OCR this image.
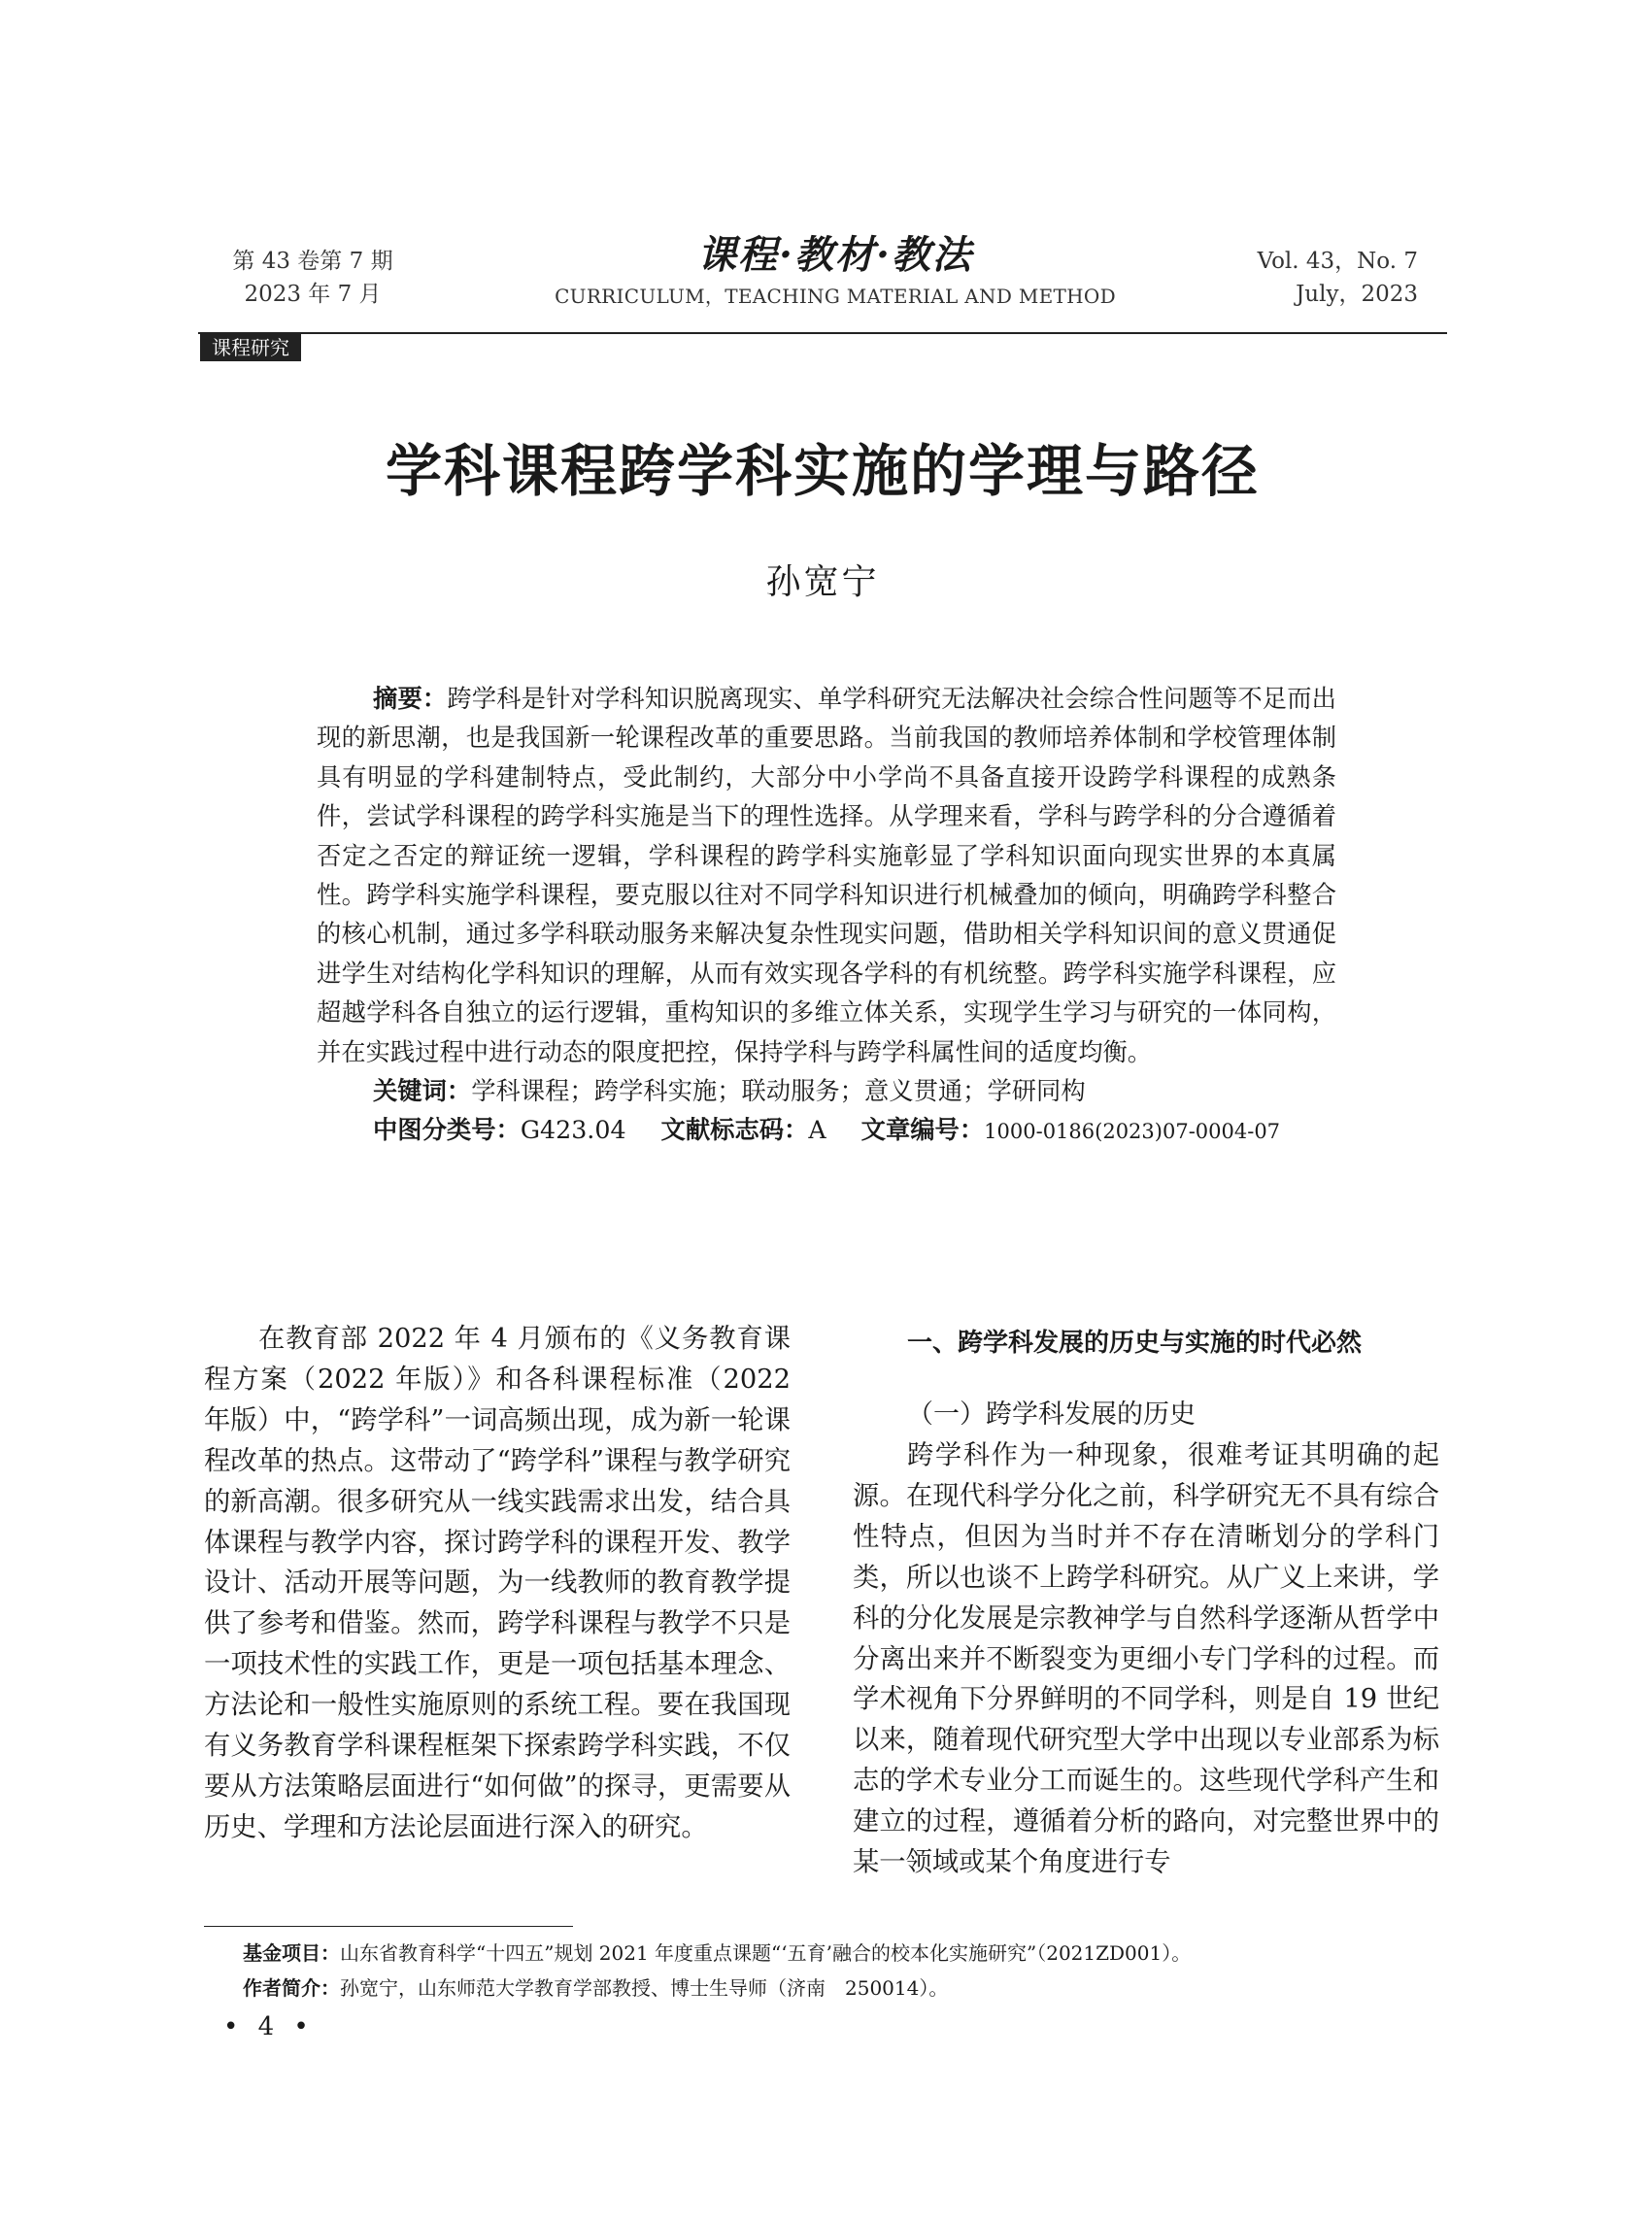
第 43 卷第 7 期
2023 年 7 月
课程·教材·教法
CURRICULUM，TEACHING MATERIAL AND METHOD
Vol. 43，No. 7
July，2023
课程研究
学科课程跨学科实施的学理与路径
孙宽宁

摘要：跨学科是针对学科知识脱离现实、单学科研究无法解决社会综合性问题等不足而出现的新思潮，也是我国新一轮课程改革的重要思路。当前我国的教师培养体制和学校管理体制具有明显的学科建制特点，受此制约，大部分中小学尚不具备直接开设跨学科课程的成熟条件，尝试学科课程的跨学科实施是当下的理性选择。从学理来看，学科与跨学科的分合遵循着否定之否定的辩证统一逻辑，学科课程的跨学科实施彰显了学科知识面向现实世界的本真属性。跨学科实施学科课程，要克服以往对不同学科知识进行机械叠加的倾向，明确跨学科整合的核心机制，通过多学科联动服务来解决复杂性现实问题，借助相关学科知识间的意义贯通促进学生对结构化学科知识的理解，从而有效实现各学科的有机统整。跨学科实施学科课程，应超越学科各自独立的运行逻辑，重构知识的多维立体关系，实现学生学习与研究的一体同构，并在实践过程中进行动态的限度把控，保持学科与跨学科属性间的适度均衡。

关键词：学科课程；跨学科实施；联动服务；意义贯通；学研同构

中图分类号：G423.04 文献标志码：A 文章编号：1000-0186(2023)07-0004-07

在教育部 2022 年 4 月颁布的《义务教育课程方案（2022 年版）》和各科课程标准（2022 年版）中，“跨学科”一词高频出现，成为新一轮课程改革的热点。这带动了“跨学科”课程与教学研究的新高潮。很多研究从一线实践需求出发，结合具体课程与教学内容，探讨跨学科的课程开发、教学设计、活动开展等问题，为一线教师的教育教学提供了参考和借鉴。然而，跨学科课程与教学不只是一项技术性的实践工作，更是一项包括基本理念、方法论和一般性实施原则的系统工程。要在我国现有义务教育学科课程框架下探索跨学科实践，不仅要从方法策略层面进行“如何做”的探寻，更需要从历史、学理和方法论层面进行深入的研究。

一、跨学科发展的历史与实施的时代必然
（一）跨学科发展的历史

跨学科作为一种现象，很难考证其明确的起源。在现代科学分化之前，科学研究无不具有综合性特点，但因为当时并不存在清晰划分的学科门类，所以也谈不上跨学科研究。从广义上来讲，学科的分化发展是宗教神学与自然科学逐渐从哲学中分离出来并不断裂变为更细小专门学科的过程。而学术视角下分界鲜明的不同学科，则是自 19 世纪以来，随着现代研究型大学中出现以专业部系为标志的学术专业分工而诞生的。这些现代学科产生和建立的过程，遵循着分析的路向，对完整世界中的某一领域或某个角度进行专

基金项目：山东省教育科学“十四五”规划 2021 年度重点课题“‘五育’融合的校本化实施研究”（2021ZD001）。
作者简介：孙宽宁，山东师范大学教育学部教授、博士生导师（济南　250014）。
• 4 •
